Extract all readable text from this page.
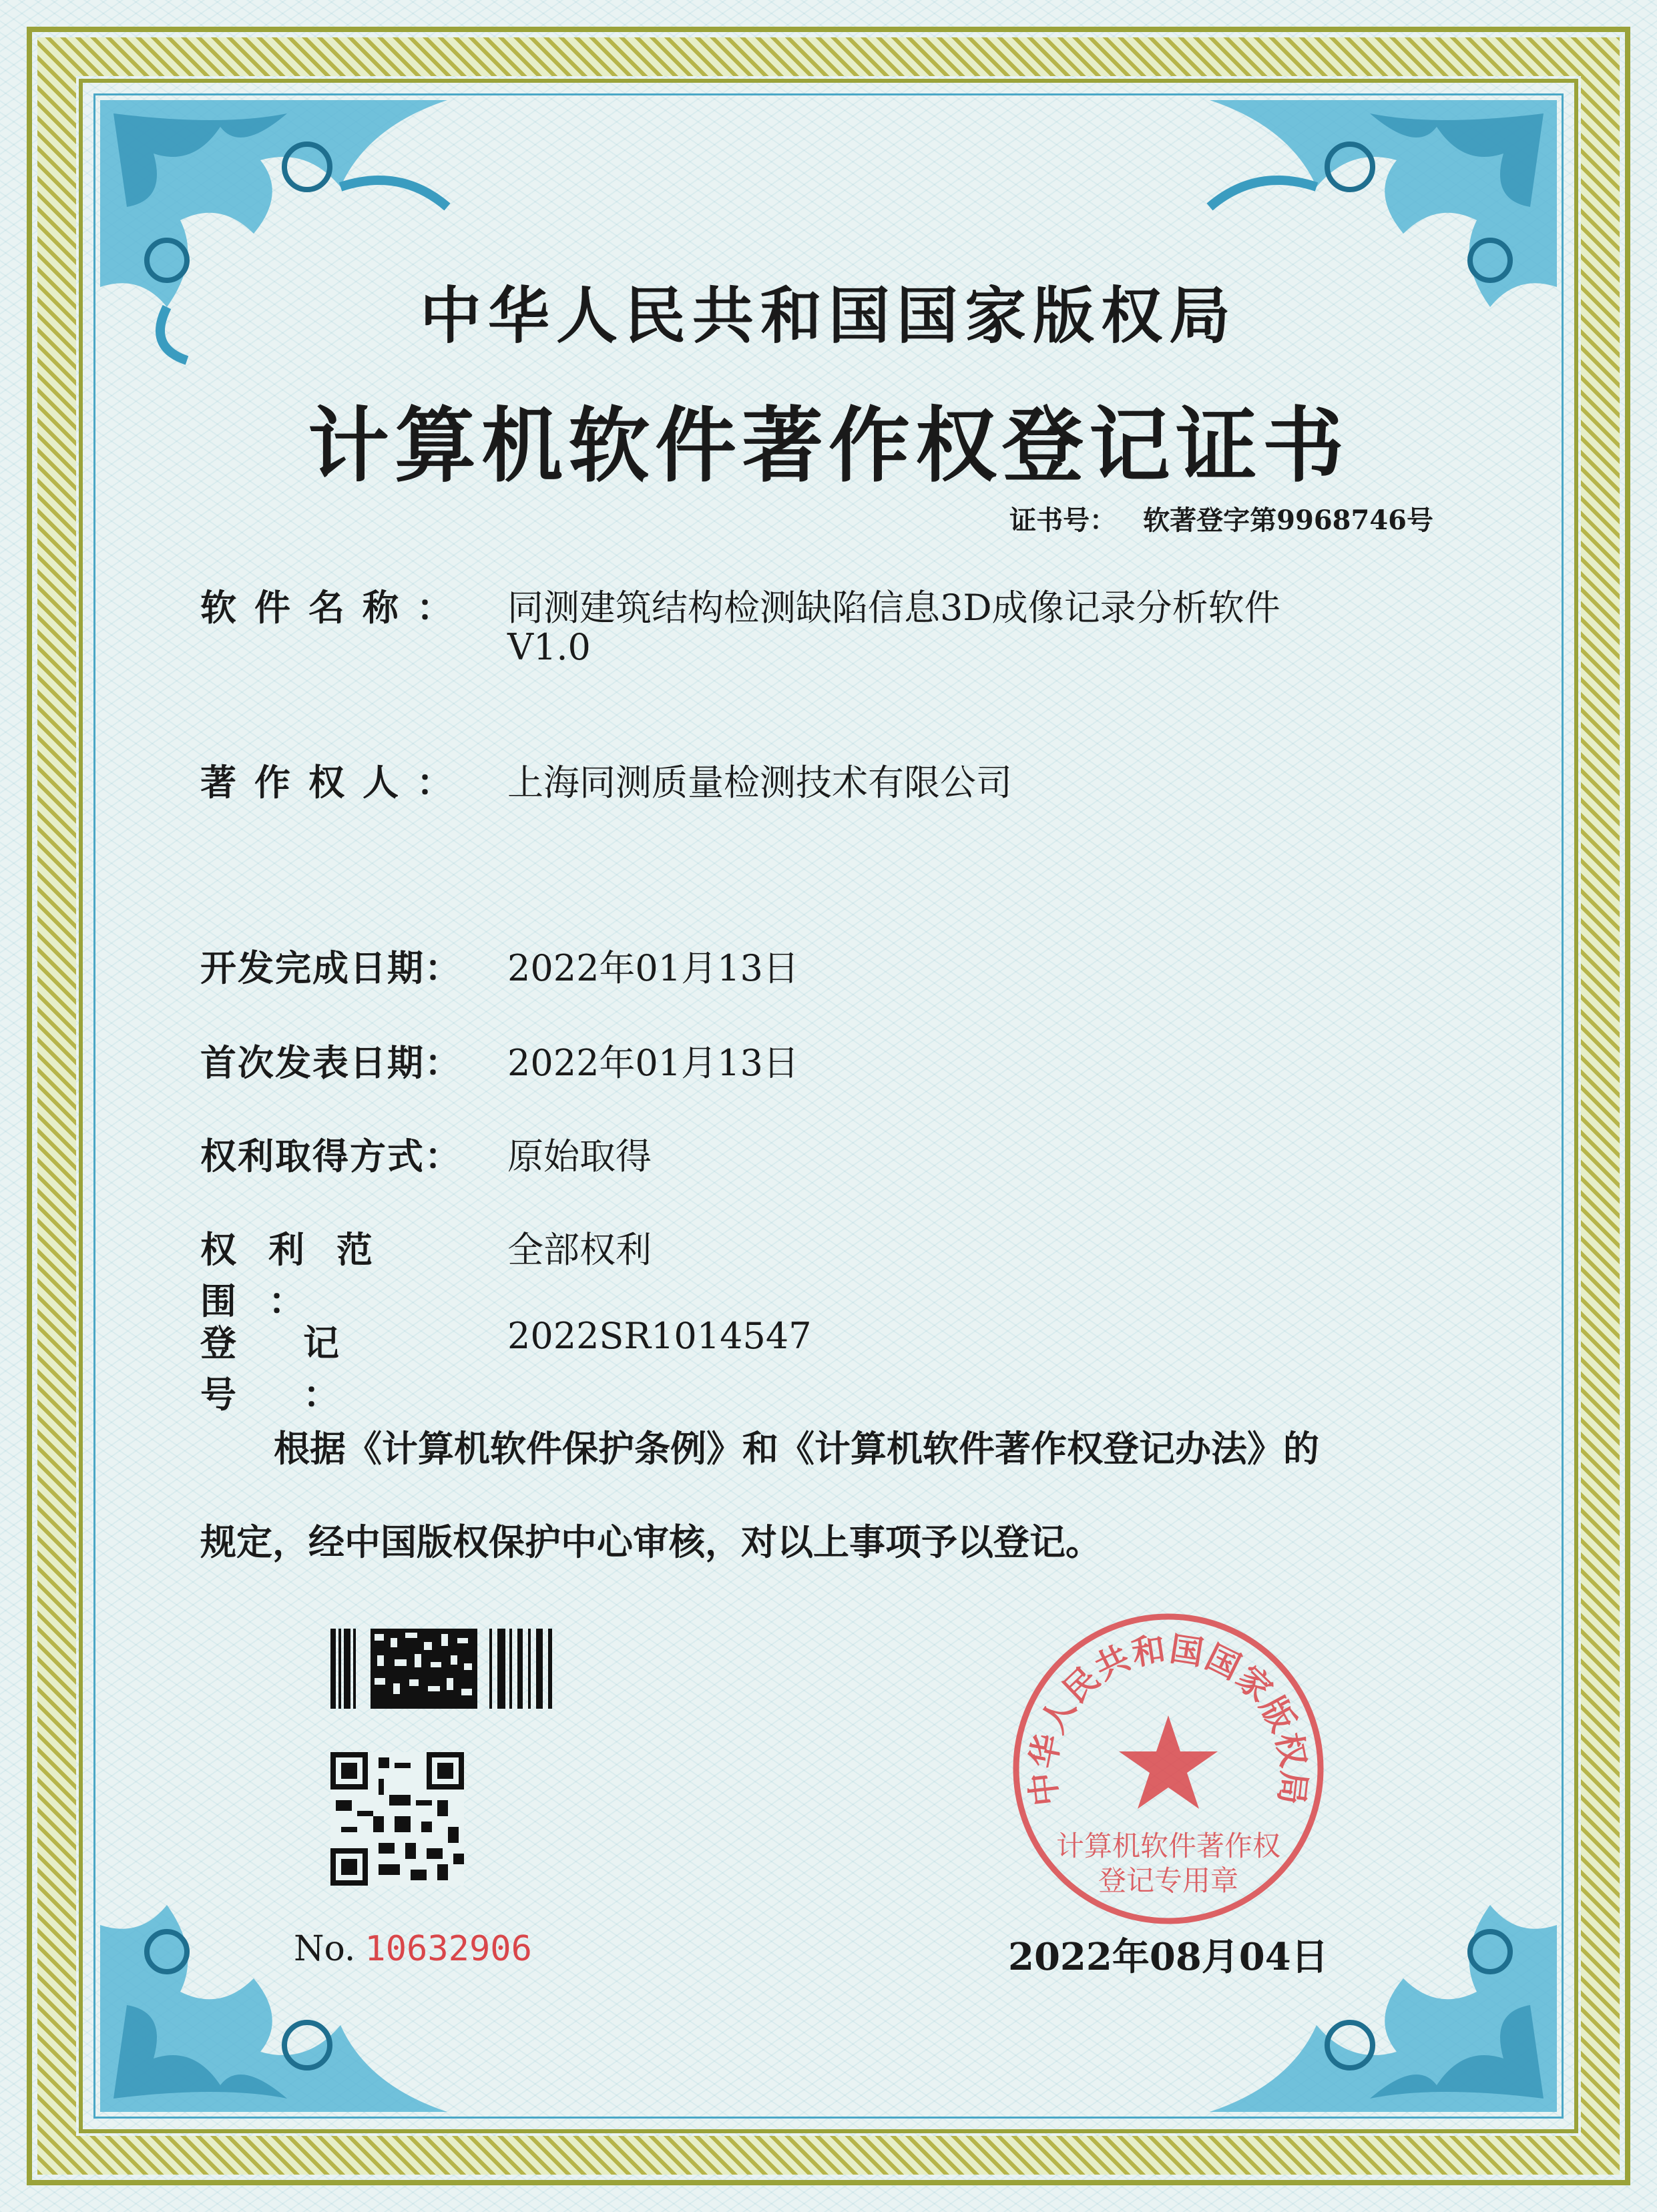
中华人民共和国国家版权局
计算机软件著作权登记证书
证书号： 软著登字第9968746号
软件名称： 同测建筑结构检测缺陷信息3D成像记录分析软件
V1.0
著作权人： 上海同测质量检测技术有限公司
开发完成日期： 2022年01月13日
首次发表日期： 2022年01月13日
权利取得方式： 原始取得
权利范围：
全部权利
登记号：
2022SR1014547
根据《计算机软件保护条例》和《计算机软件著作权登记办法》的
规定，经中国版权保护中心审核，对以上事项予以登记。
No. 10632906
中华人民共和国国家版权局
计算机软件著作权
登记专用章
2022年08月04日
